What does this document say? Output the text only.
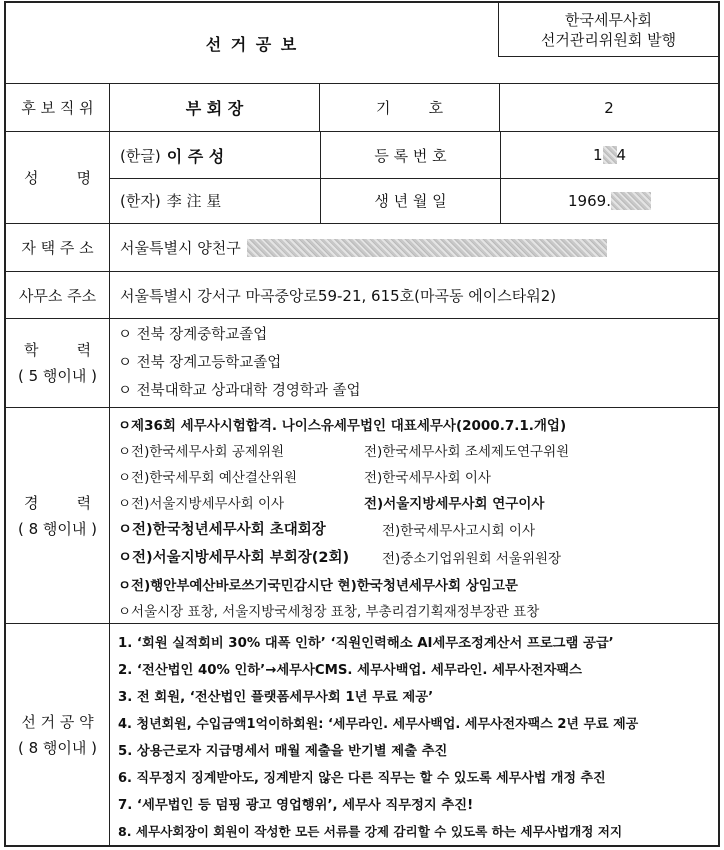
선 거 공 보
한국세무사회
선거관리위원회 발행
후 보 직 위	부 회 장	기        호	2
성        명
(한글) 이 주 성	등 록 번 호	1 4
(한자) 李 注 星	생 년 월 일	1969.
자 택 주 소	서울특별시 양천구
사무소 주소	서울특별시 강서구 마곡중앙로59-21, 615호(마곡동 에이스타워2)
학        력
( 5 행이내 )
ㅇ 전북 장계중학교졸업
ㅇ 전북 장계고등학교졸업
ㅇ 전북대학교 상과대학 경영학과 졸업
경        력
( 8 행이내 )
ㅇ제36회 세무사시험합격. 나이스유세무법인 대표세무사(2000.7.1.개업)
ㅇ전)한국세무사회 공제위원	전)한국세무사회 조세제도연구위원
ㅇ전)한국세무회 예산결산위원	전)한국세무사회 이사
ㅇ전)서울지방세무사회 이사	전)서울지방세무사회 연구이사
ㅇ전)한국청년세무사회 초대회장	전)한국세무사고시회 이사
ㅇ전)서울지방세무사회 부회장(2회) 전)중소기업위원회 서울위원장
ㅇ전)행안부예산바로쓰기국민감시단 현)한국청년세무사회 상임고문
ㅇ서울시장 표창, 서울지방국세청장 표창, 부총리겸기획재정부장관 표창
선 거 공 약
( 8 행이내 )
1. ‘회원 실적회비 30% 대폭 인하’ ‘직원인력해소 AI세무조정계산서 프로그램 공급’
2. ‘전산법인 40% 인하’→세무사CMS. 세무사백업. 세무라인. 세무사전자팩스
3. 전 회원, ‘전산법인 플랫폼세무사회 1년 무료 제공’
4. 청년회원, 수입금액1억이하회원: ‘세무라인. 세무사백업. 세무사전자팩스 2년 무료 제공
5. 상용근로자 지급명세서 매월 제출을 반기별 제출 추진
6. 직무정지 징계받아도, 징계받지 않은 다른 직무는 할 수 있도록 세무사법 개정 추진
7. ‘세무법인 등 덤핑 광고 영업행위’, 세무사 직무정지 추진!
8. 세무사회장이 회원이 작성한 모든 서류를 강제 감리할 수 있도록 하는 세무사법개정 저지
